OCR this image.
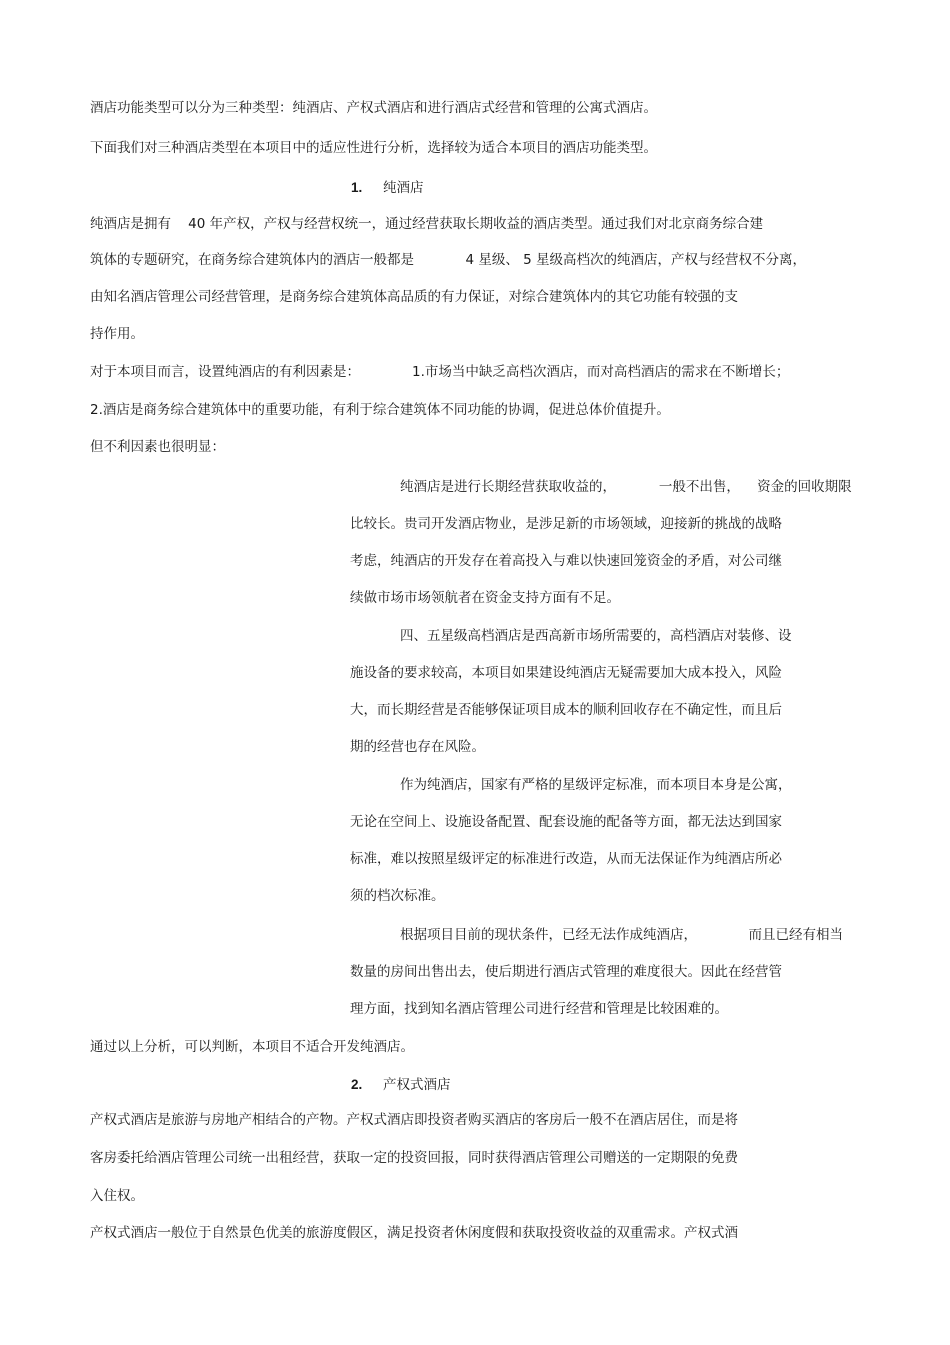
酒店功能类型可以分为三种类型：纯酒店、产权式酒店和进行酒店式经营和管理的公寓式酒店。
下面我们对三种酒店类型在本项目中的适应性进行分析，选择较为适合本项目的酒店功能类型。
1. 纯酒店
纯酒店是拥有    40 年产权，产权与经营权统一，通过经营获取长期收益的酒店类型。通过我们对北京商务综合建
筑体的专题研究，在商务综合建筑体内的酒店一般都是            4 星级、 5 星级高档次的纯酒店，产权与经营权不分离，
由知名酒店管理公司经营管理，是商务综合建筑体高品质的有力保证，对综合建筑体内的其它功能有较强的支
持作用。
对于本项目而言，设置纯酒店的有利因素是：	1.市场当中缺乏高档次酒店，而对高档酒店的需求在不断增长；
2.酒店是商务综合建筑体中的重要功能，有利于综合建筑体不同功能的协调，促进总体价值提升。
但不利因素也很明显：
纯酒店是进行长期经营获取收益的，          一般不出售，    资金的回收期限
比较长。贵司开发酒店物业，是涉足新的市场领域，迎接新的挑战的战略
考虑，纯酒店的开发存在着高投入与难以快速回笼资金的矛盾，对公司继
续做市场市场领航者在资金支持方面有不足。
四、五星级高档酒店是西高新市场所需要的，高档酒店对装修、设
施设备的要求较高，本项目如果建设纯酒店无疑需要加大成本投入，风险
大，而长期经营是否能够保证项目成本的顺利回收存在不确定性，而且后
期的经营也存在风险。
作为纯酒店，国家有严格的星级评定标准，而本项目本身是公寓，
无论在空间上、设施设备配置、配套设施的配备等方面，都无法达到国家
标准，难以按照星级评定的标准进行改造，从而无法保证作为纯酒店所必
须的档次标准。
根据项目目前的现状条件，已经无法作成纯酒店，            而且已经有相当
数量的房间出售出去，使后期进行酒店式管理的难度很大。因此在经营管
理方面，找到知名酒店管理公司进行经营和管理是比较困难的。
通过以上分析，可以判断，本项目不适合开发纯酒店。
2. 产权式酒店
产权式酒店是旅游与房地产相结合的产物。产权式酒店即投资者购买酒店的客房后一般不在酒店居住，而是将
客房委托给酒店管理公司统一出租经营，获取一定的投资回报，同时获得酒店管理公司赠送的一定期限的免费
入住权。
产权式酒店一般位于自然景色优美的旅游度假区，满足投资者休闲度假和获取投资收益的双重需求。产权式酒
